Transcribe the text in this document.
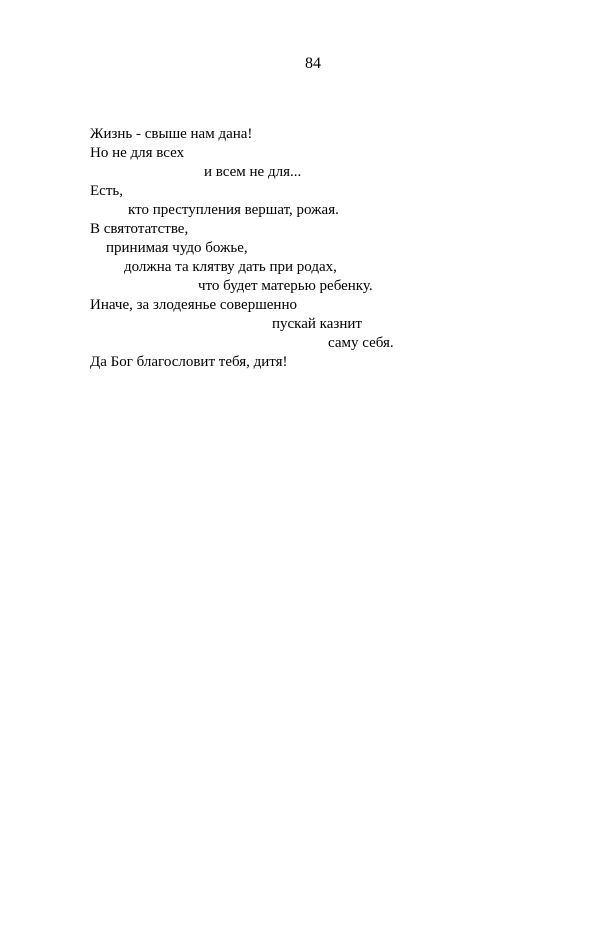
84
Жизнь - свыше нам дана!
Но не для всех
и всем не для...
Есть,
кто преступления вершат, рожая.
В святотатстве,
принимая чудо божье,
должна та клятву дать при родах,
что будет матерью ребенку.
Иначе, за злодеянье совершенно
пускай казнит
саму себя.
Да Бог благословит тебя, дитя!
